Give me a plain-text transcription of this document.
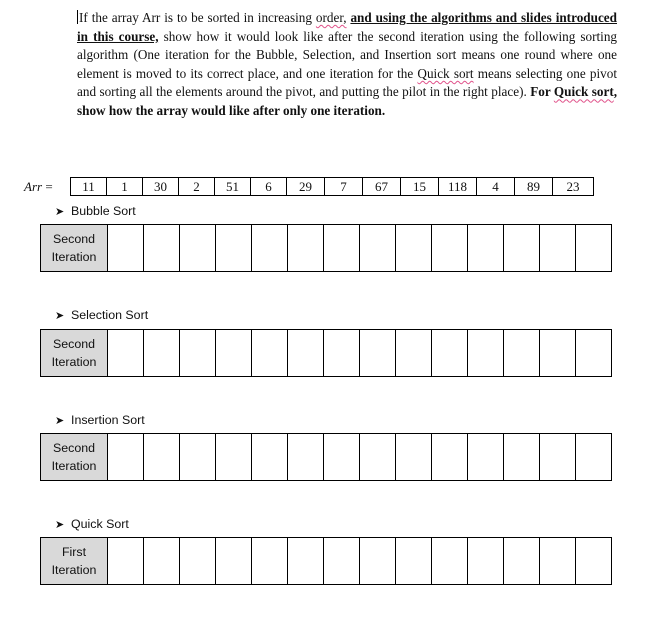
If the array Arr is to be sorted in increasing order, and using the algorithms and slides introduced in this course, show how it would look like after the second iteration using the following sorting algorithm (One iteration for the Bubble, Selection, and Insertion sort means one round where one element is moved to its correct place, and one iteration for the Quick sort means selecting one pivot and sorting all the elements around the pivot, and putting the pilot in the right place). For Quick sort, show how the array would like after only one iteration.
Arr = 11	1	30	2	51	6	29	7	67	15	118	4	89	23
➤ Bubble Sort
Second
Iteration														
➤ Selection Sort
Second
Iteration														
➤ Insertion Sort
Second
Iteration														
➤ Quick Sort
First
Iteration														
